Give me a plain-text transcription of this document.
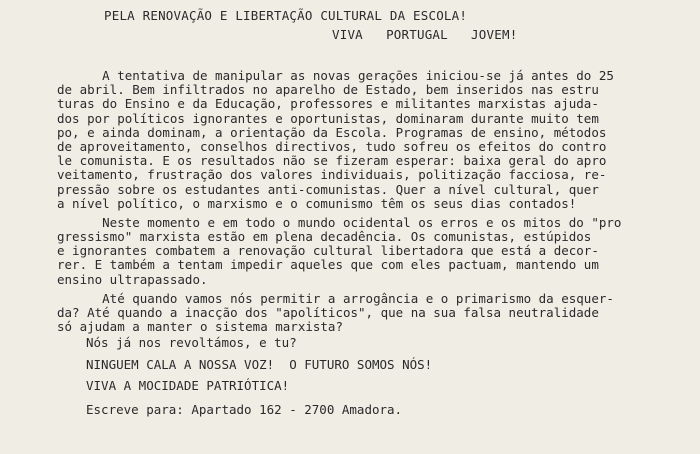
PELA RENOVAÇÃO E LIBERTAÇÃO CULTURAL DA ESCOLA!
VIVA   PORTUGAL   JOVEM!
A tentativa de manipular as novas gerações iniciou-se já antes do 25
de abril. Bem infiltrados no aparelho de Estado, bem inseridos nas estru
turas do Ensino e da Educação, professores e militantes marxistas ajuda-
dos por políticos ignorantes e oportunistas, dominaram durante muito tem
po, e ainda dominam, a orientação da Escola. Programas de ensino, métodos
de aproveitamento, conselhos directivos, tudo sofreu os efeitos do contro
le comunista. E os resultados não se fizeram esperar: baixa geral do apro
veitamento, frustração dos valores individuais, politização facciosa, re-
pressão sobre os estudantes anti-comunistas. Quer a nível cultural, quer
a nível político, o marxismo e o comunismo têm os seus dias contados!
Neste momento e em todo o mundo ocidental os erros e os mitos do "pro
gressismo" marxista estão em plena decadência. Os comunistas, estúpidos
e ignorantes combatem a renovação cultural libertadora que está a decor-
rer. E também a tentam impedir aqueles que com eles pactuam, mantendo um
ensino ultrapassado.
Até quando vamos nós permitir a arrogância e o primarismo da esquer-
da? Até quando a inacção dos "apolíticos", que na sua falsa neutralidade
só ajudam a manter o sistema marxista?
Nós já nos revoltámos, e tu?
NINGUEM CALA A NOSSA VOZ!  O FUTURO SOMOS NÓS!
VIVA A MOCIDADE PATRIÓTICA!
Escreve para: Apartado 162 - 2700 Amadora.
